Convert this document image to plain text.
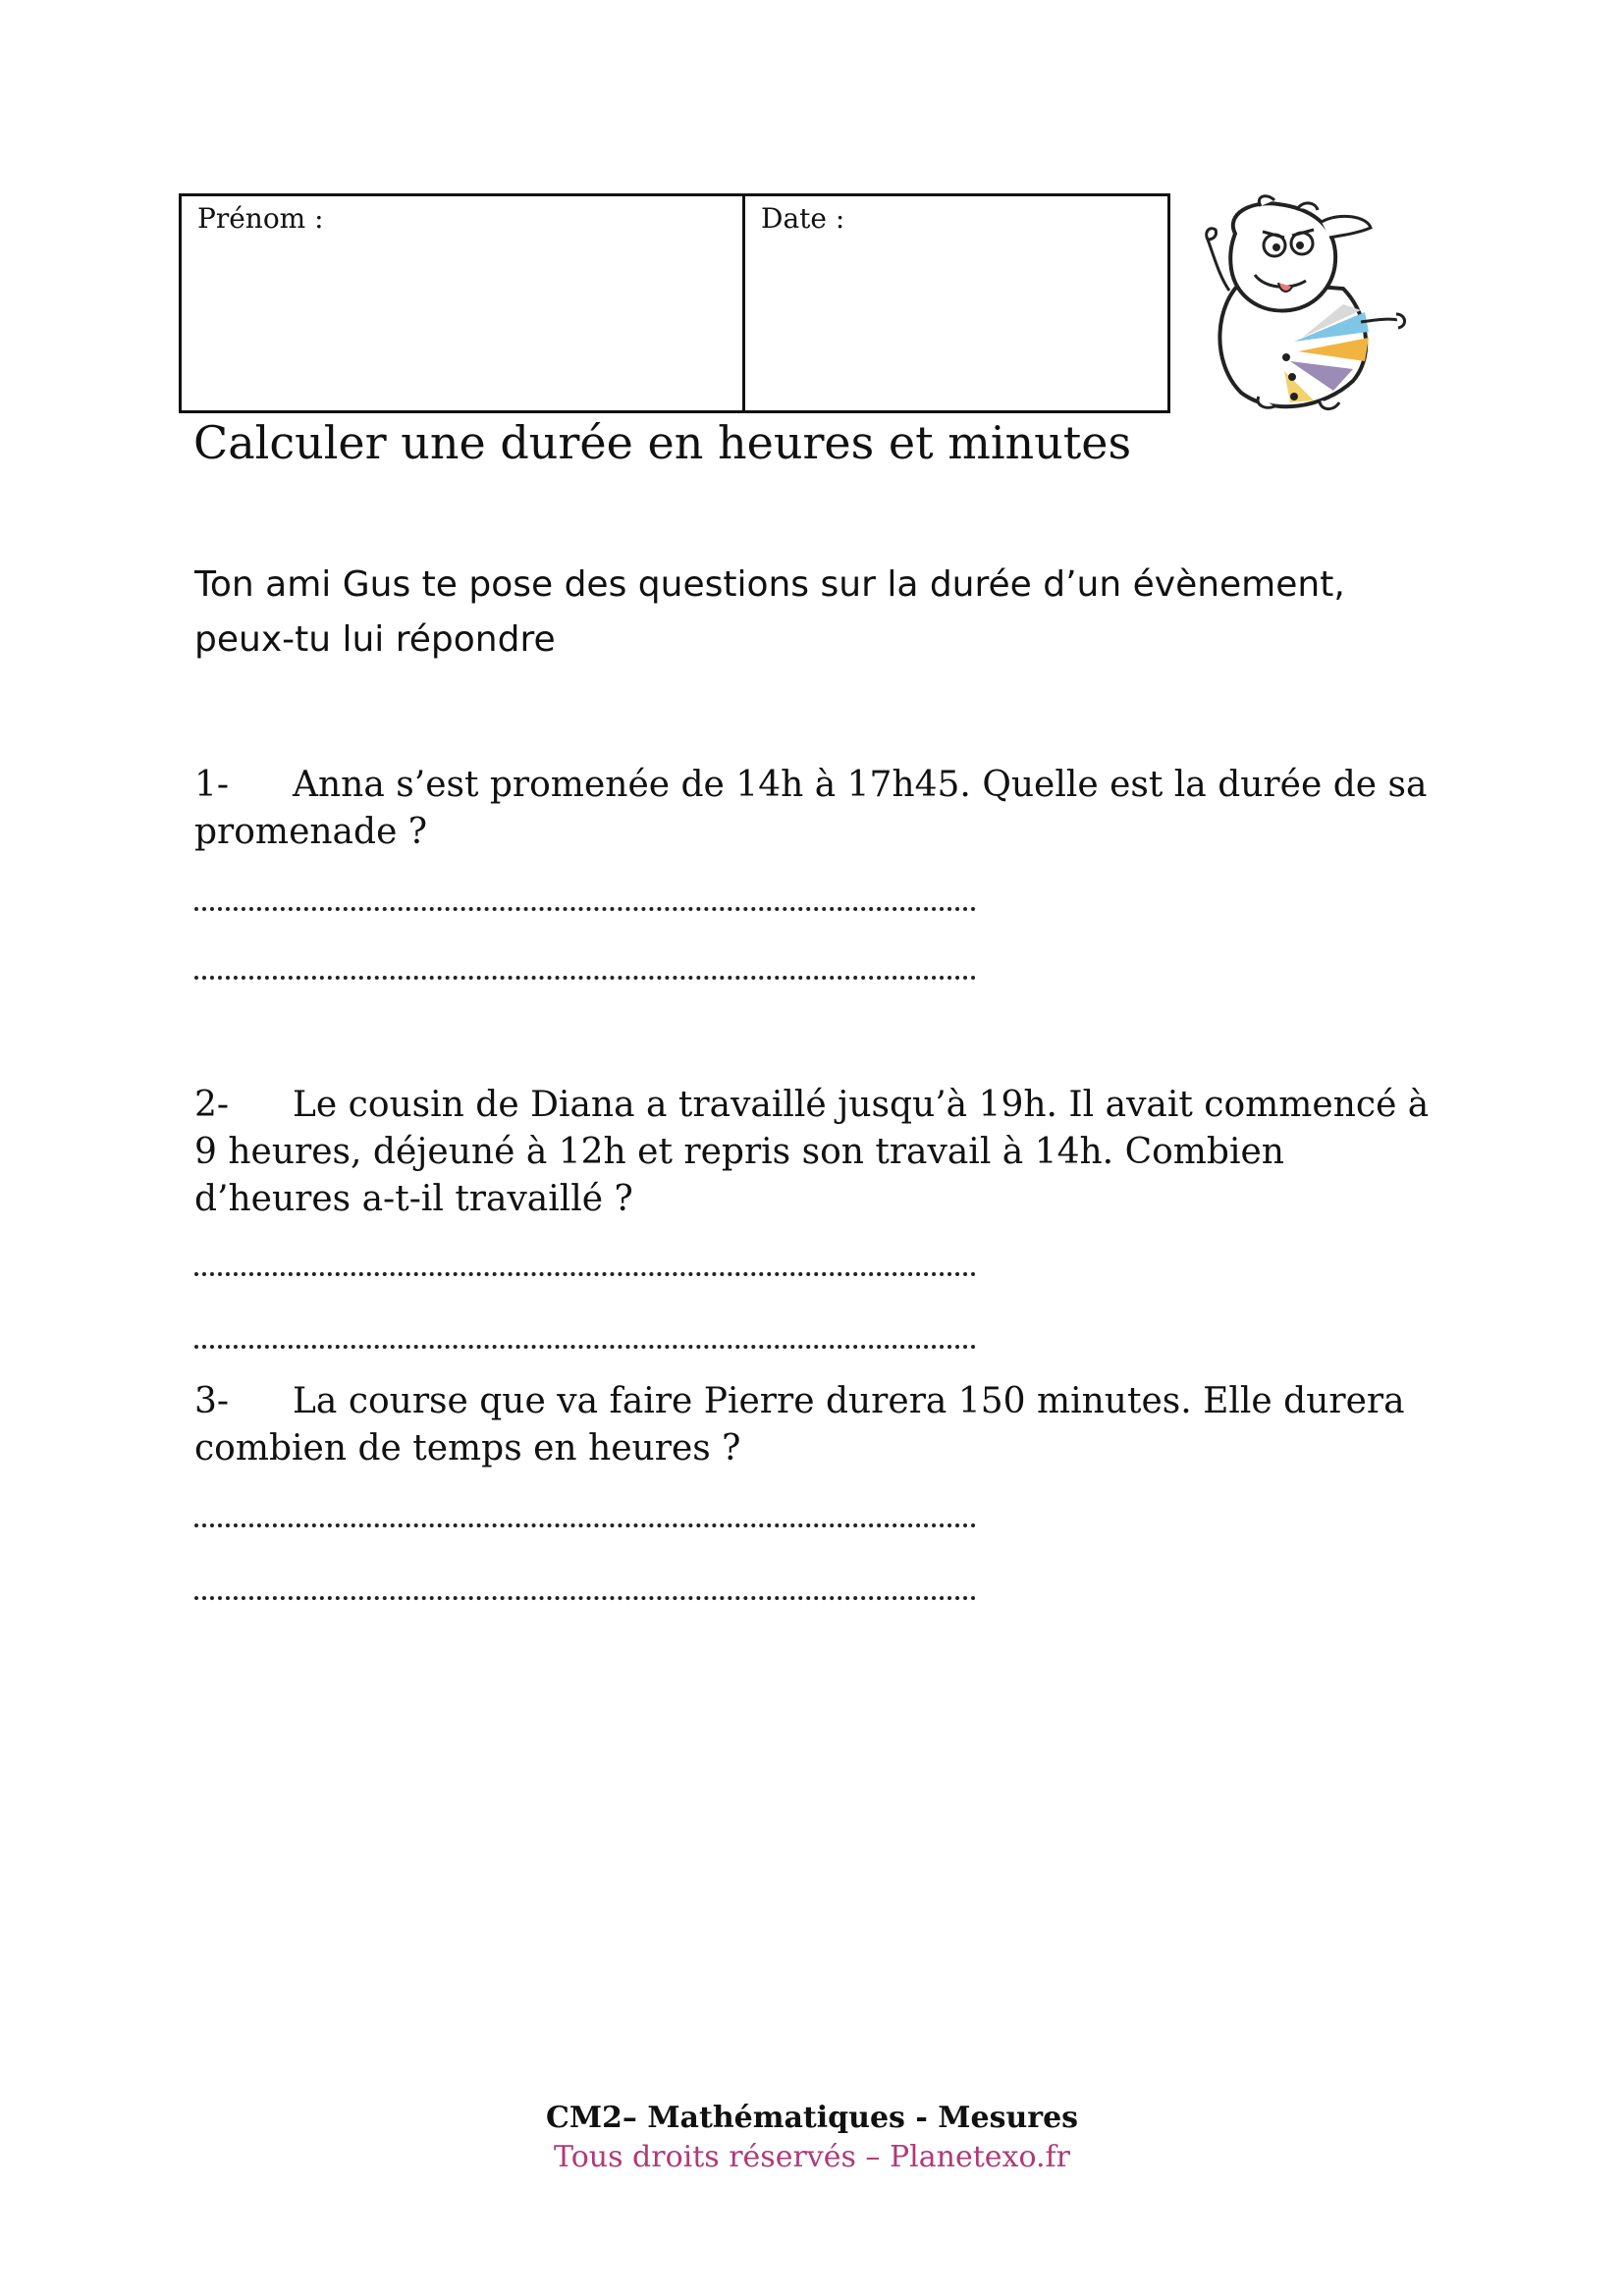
Prénom :	Date :
Calculer une durée en heures et minutes
Ton ami Gus te pose des questions sur la durée d’un évènement, peux-tu lui répondre
1- Anna s’est promenée de 14h à 17h45. Quelle est la durée de sa promenade ?
2- Le cousin de Diana a travaillé jusqu’à 19h. Il avait commencé à 9 heures, déjeuné à 12h et repris son travail à 14h. Combien d’heures a-t-il travaillé ?
3- La course que va faire Pierre durera 150 minutes. Elle durera combien de temps en heures ?
CM2– Mathématiques - Mesures
Tous droits réservés – Planetexo.fr
